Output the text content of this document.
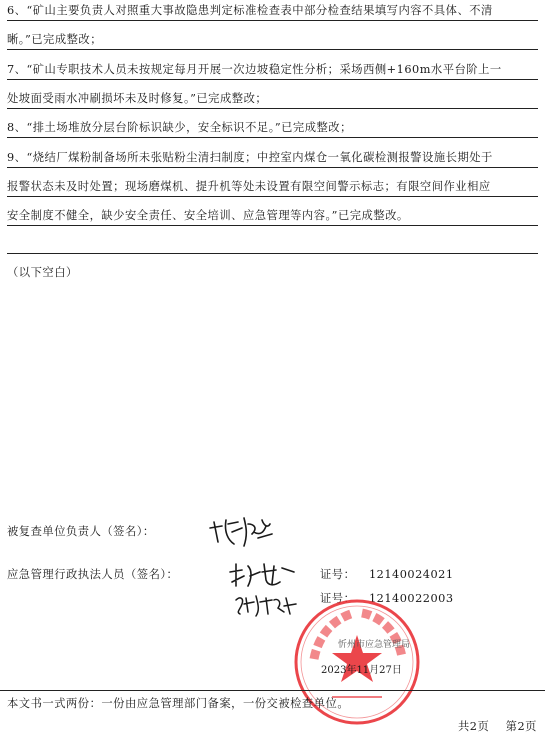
6、“矿山主要负责人对照重大事故隐患判定标准检查表中部分检查结果填写内容不具体、不清
晰。”已完成整改；
7、“矿山专职技术人员未按规定每月开展一次边坡稳定性分析；采场西侧+160m水平台阶上一
处坡面受雨水冲刷损坏未及时修复。”已完成整改；
8、“排土场堆放分层台阶标识缺少，安全标识不足。”已完成整改；
9、“烧结厂煤粉制备场所未张贴粉尘清扫制度；中控室内煤仓一氧化碳检测报警设施长期处于
报警状态未及时处置；现场磨煤机、提升机等处未设置有限空间警示标志；有限空间作业相应
安全制度不健全，缺少安全责任、安全培训、应急管理等内容。”已完成整改。
（以下空白）
被复查单位负责人（签名）：
应急管理行政执法人员（签名）：	证号： 12140024021
证号： 12140022003
忻州市应急管理局
2023年11月27日
本文书一式两份：一份由应急管理部门备案，一份交被检查单位。
共2页    第2页
